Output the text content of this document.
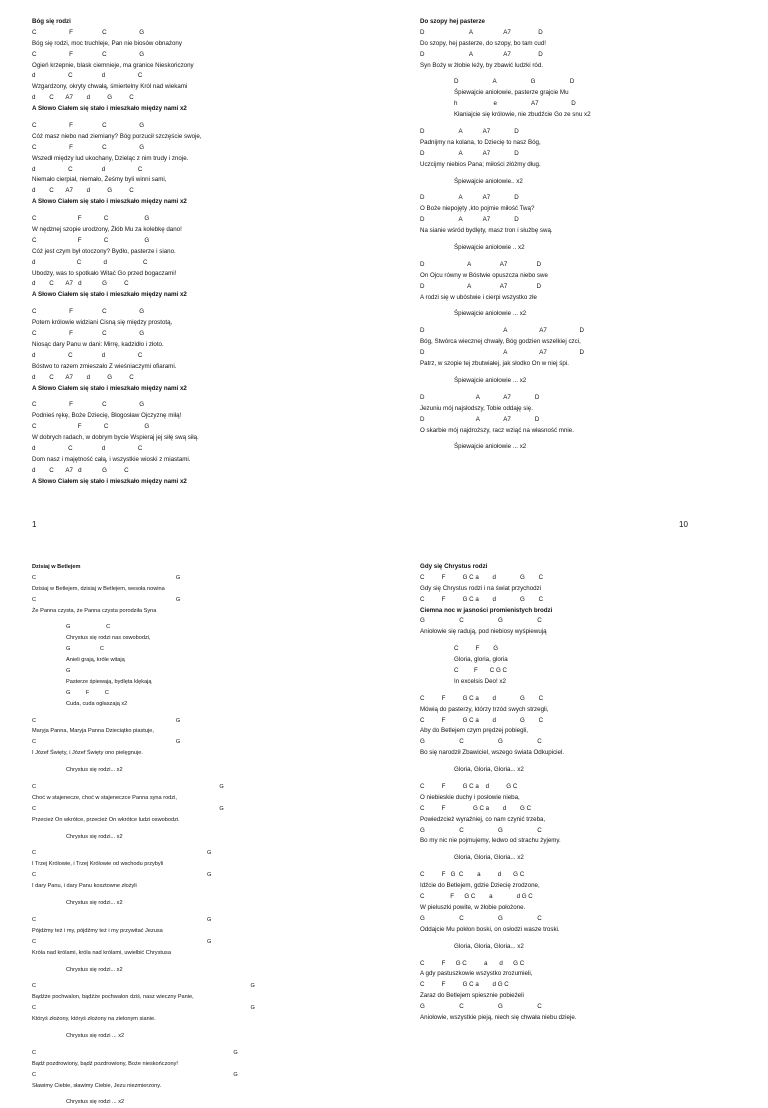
Bóg się rodzi
C                   F                 C                   G
Bóg się rodzi, moc truchleje, Pan nie biosów obnażony
C                   F                 C                   G
Ogień krzepnie, blask ciemnieje, ma granice Nieskończony
d                   C                 d                   C
Wzgardzony, okryty chwałą, śmiertelny Król nad wiekami
d        C       A7        d          G          C
A Słowo Ciałem się stało i mieszkało między nami x2
C                   F                 C                   G
Cóż masz niebo nad ziemiany? Bóg porzucił szczęście swoje,
C                   F                 C                   G
Wszedł między lud ukochany, Dzieląc z nim trudy i znoje.
d                   C                 d                   C
Niemało cierpiał, niemało, Żeśmy byli winni sami,
d        C       A7        d          G          C
A Słowo Ciałem się stało i mieszkało między nami x2
C                        F             C                     G
W nędznej szopie urodzony, Żłób Mu za kolebkę dano!
C                        F             C                     G
Cóż jest czym był otoczony? Bydło, pasterze i siano.
d                        C             d                     C
Ubodzy, was to spotkało Witać Go przed bogaczami!
d        C       A7   d            G          C
A Słowo Ciałem się stało i mieszkało między nami x2
C                   F                 C                   G
Potem królowie widziani Cisną się między prostotą,
C                   F                 C                   G
Niosąc dary Panu w dani: Mirrę, kadzidło i złoto.
d                   C                 d                   C
Bóstwo to razem zmieszało Z wieśniaczymi ofiarami.
d        C       A7        d          G          C
A Słowo Ciałem się stało i mieszkało między nami x2
C                   F                 C                   G
Podnieś rękę, Boże Dziecię, Błogosław Ojczyznę miłą!
C                        F             C                     G
W dobrych radach, w dobrym bycie Wspieraj jej siłę swą siłą.
d                   C                 d                   C
Dom nasz i majętność całą, i wszystkie wioski z miastami.
d        C       A7   d            G          C
A Słowo Ciałem się stało i mieszkało między nami x2
Do szopy hej pasterze
D                          A                  A7                D
Do szopy, hej pasterze, do szopy, bo tam cud!
D                          A                  A7                D
Syn Boży w żłobie leży, by zbawić ludzki ród.
D                    A                    G                    D
Śpiewajcie aniołowie, pasterze grajcie Mu
h                     e                    A7                   D
Kłaniajcie się królowie, nie zbudźcie Go ze snu x2
D                    A            A7              D
Padnijmy na kolana, to Dziecię to nasz Bóg,
D                    A            A7              D
Uczcijmy niebios Pana; miłości złóżmy dług.
Śpiewajcie aniołowie.. x2
D                    A            A7              D
O Boże niepojęty ,kto pojmie miłość Twą?
D                    A            A7              D
Na sianie wśród bydlęty, masz tron i służbę swą.
Śpiewajcie aniołowie .. x2
D                         A                 A7                 D
On Ojcu równy w Bóstwie opuszcza niebo swe
D                         A                 A7                 D
A rodzi się w ubóstwie i cierpi wszystko złe
Śpiewajcie aniołowie ... x2
D                                              A                   A7                   D
Bóg, Stwórca wiecznej chwały, Bóg godzien wszelkiej czci,
D                                              A                   A7                   D
Patrz, w szopie tej zbutwiałej, jak słodko On w niej śpi.
Śpiewajcie aniołowie ... x2
D                              A              A7              D
Jezuniu mój najsłodszy, Tobie oddaję się.
D                              A              A7              D
O skarbie mój najdroższy, racz wziąć na własność mnie.
Śpiewajcie aniołowie ... x2
1	10
Dzisiaj w Betlejem
C                                                                                          G
Dzisiaj w Betlejem, dzisiaj w Betlejem, wesoła nowina
C                                                                                          G
Że Panna czysta, że Panna czysta porodziła Syna
G                       C
Chrystus się rodzi nas oswobodzi,
G                   C
Anieli grają, króle witają
G
Pasterze śpiewają, bydlęta klękają
G          F          C
Cuda, cuda ogłaszają x2
C                                                                                          G
Maryja Panna, Maryja Panna Dzieciątko piastuje,
C                                                                                          G
I Józef Święty, i Józef Święty ono pielęgnuje.
Chrystus się rodzi... x2
C                                                                                                                      G
Choć w stajenecze, choć w stajeneczce Panna syna rodzi,
C                                                                                                                      G
Przecież On wkrótce, przecież On wkrótce ludzi oswobodzi.
Chrystus się rodzi... x2
C                                                                                                              G
I Trzej Królowie, i Trzej Królowie od wschodu przybyli
C                                                                                                              G
I dary Panu, i dary Panu kosztowne złożyli
Chrystus się rodzi... x2
C                                                                                                              G
Pójdźmy też i my, pójdźmy też i my przywitać Jezusa
C                                                                                                              G
Króla nad królami, króla nad królami, uwielbić Chrystusa
Chrystus się rodzi... x2
C                                                                                                                                          G
Bądźże pochwalon, bądźże pochwalon dziś, nasz wieczny Panie,
C                                                                                                                                          G
Któryś złożony, któryś złożony na zielonym sianie.
Chrystus się rodzi ... x2
C                                                                                                                               G
Bądź pozdrowiony, bądź pozdrowiony, Boże nieskończony!
C                                                                                                                               G
Sławimy Ciebie, sławimy Ciebie, Jezu niezmierzony.
Chrystus się rodzi ... x2
Gdy się Chrystus rodzi
C          F          G C a        d              G        C
Gdy się Chrystus rodzi i na świat przychodzi
C          F          G C a        d              G        C
Ciemna noc w jasności promienistych brodzi
G                    C                    G                    C
Aniołowie się radują, pod niebiosy wyśpiewują
C          F        G
Gloria, gloria, gloria
C         F       C G C
In excelsis Deo! x2
C          F          G C a        d              G        C
Mówią do pasterzy, którzy trzód swych strzegli,
C          F          G C a        d              G        C
Aby do Betlejem czym prędzej pobiegli,
G                    C                    G                    C
Bo się narodził Zbawiciel, wszego świata Odkupiciel.
Gloria, Gloria, Gloria... x2
C          F          G C a    d          G C
O niebieskie duchy i posłowie nieba,
C          F                G C a        d        G C
Powiedzcież wyraźniej, co nam czynić trzeba,
G                    C                    G                    C
Bo my nic nie pojmujemy, ledwo od strachu żyjemy.
Gloria, Gloria, Gloria... x2
C          F   G  C        a          d       G C
Idźcie do Betlejem, gdzie Dziecię zrodzone,
C               F      G C        a              d G C
W pieluszki powite, w żłobie położone.
G                    C                    G                    C
Oddajcie Mu pokłon boski, on osłodzi wasze troski.
Gloria, Gloria, Gloria... x2
C          F      G C          a       d      G C
A gdy pastuszkowie wszystko zrozumieli,
C          F          G C a        d G C
Zaraz do Betlejem spiesznie pobieżeli
G                    C                    G                    C
Aniołowie, wszystkie pieją, niech się chwała niebu dzieje.
